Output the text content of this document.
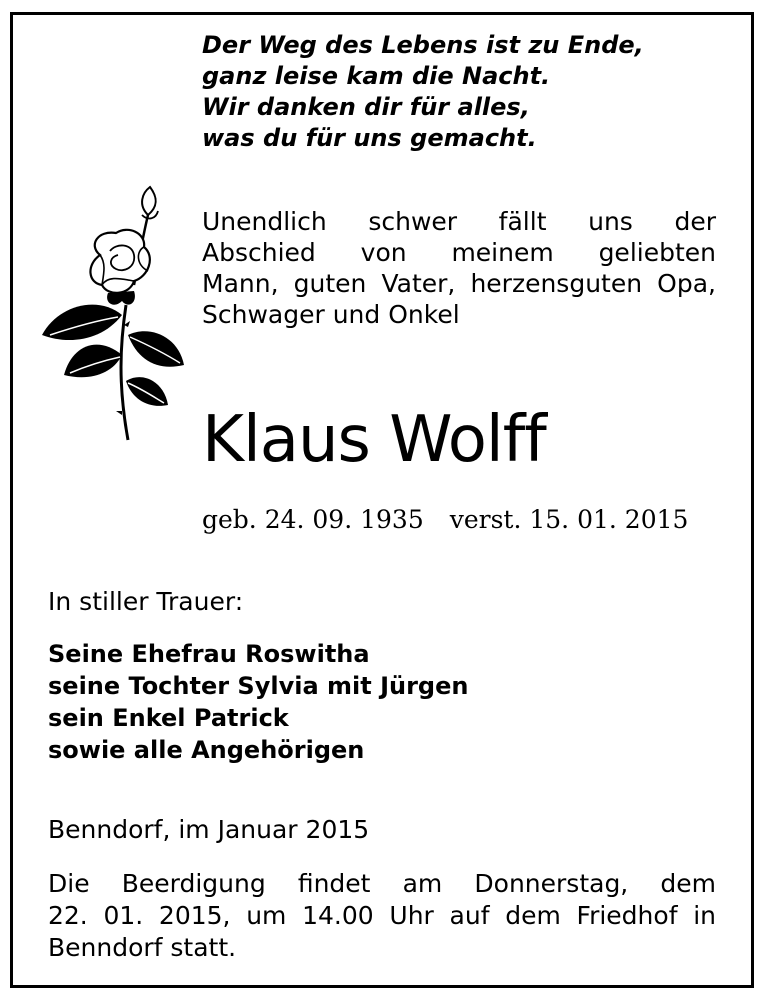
Der Weg des Lebens ist zu Ende,
ganz leise kam die Nacht.
Wir danken dir für alles,
was du für uns gemacht.
Unendlich schwer fällt uns der
Abschied von meinem geliebten
Mann, guten Vater, herzensguten Opa,
Schwager und Onkel
Klaus Wolff
geb. 24. 09. 1935 verst. 15. 01. 2015
In stiller Trauer:
Seine Ehefrau Roswitha
seine Tochter Sylvia mit Jürgen
sein Enkel Patrick
sowie alle Angehörigen
Benndorf, im Januar 2015
Die Beerdigung findet am Donnerstag, dem
22. 01. 2015, um 14.00 Uhr auf dem Friedhof in
Benndorf statt.
